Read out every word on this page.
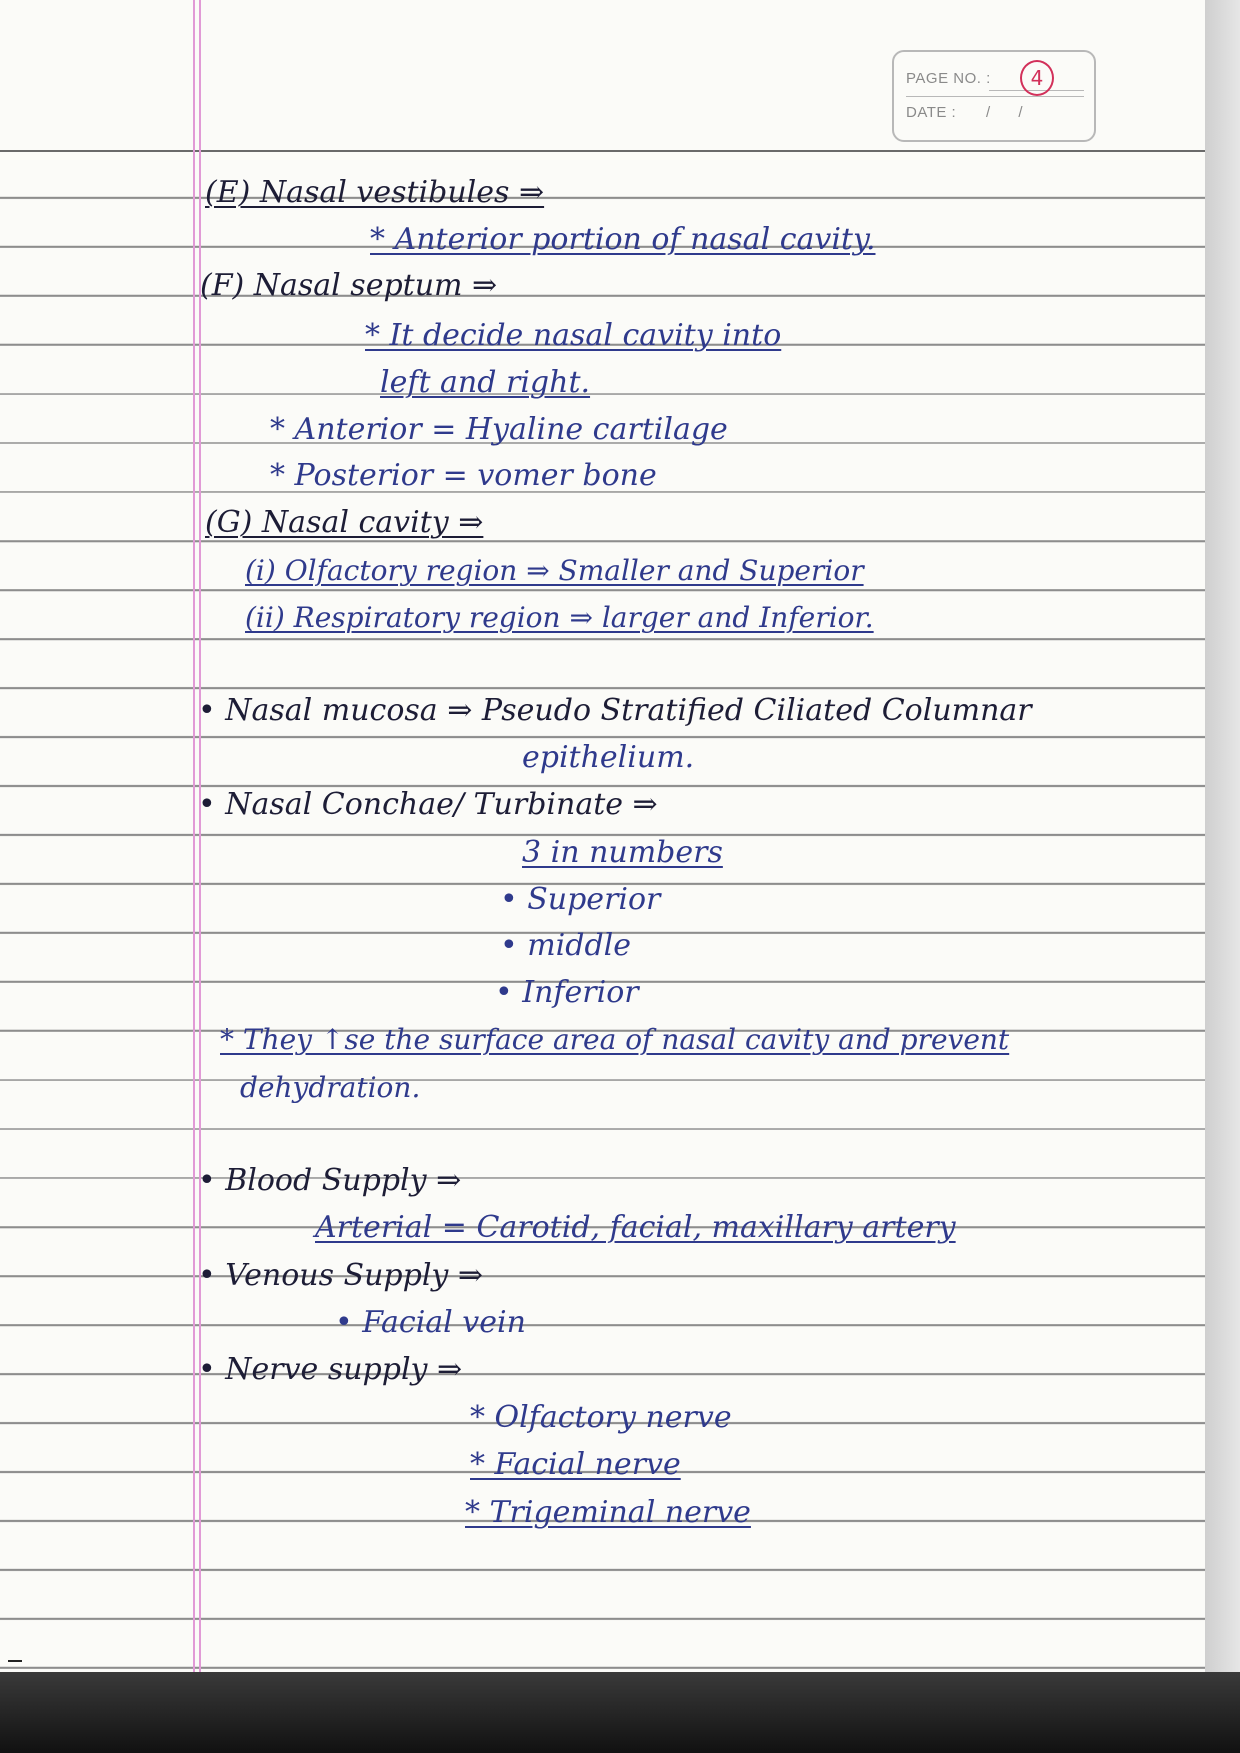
PAGE NO. :	4
DATE : / /
(E) Nasal vestibules ⇒
* Anterior portion of nasal cavity.
(F) Nasal septum ⇒
* It decide nasal cavity into
left and right.
* Anterior = Hyaline cartilage
* Posterior = vomer bone
(G) Nasal cavity ⇒
(i) Olfactory region ⇒ Smaller and Superior
(ii) Respiratory region ⇒ larger and Inferior.
• Nasal mucosa ⇒ Pseudo Stratified Ciliated Columnar
epithelium.
• Nasal Conchae/ Turbinate ⇒
3 in numbers
• Superior
• middle
• Inferior
* They ↑se the surface area of nasal cavity and prevent
dehydration.
• Blood Supply ⇒
Arterial = Carotid, facial, maxillary artery
• Venous Supply ⇒
• Facial vein
• Nerve supply ⇒
* Olfactory nerve
* Facial nerve
* Trigeminal nerve
